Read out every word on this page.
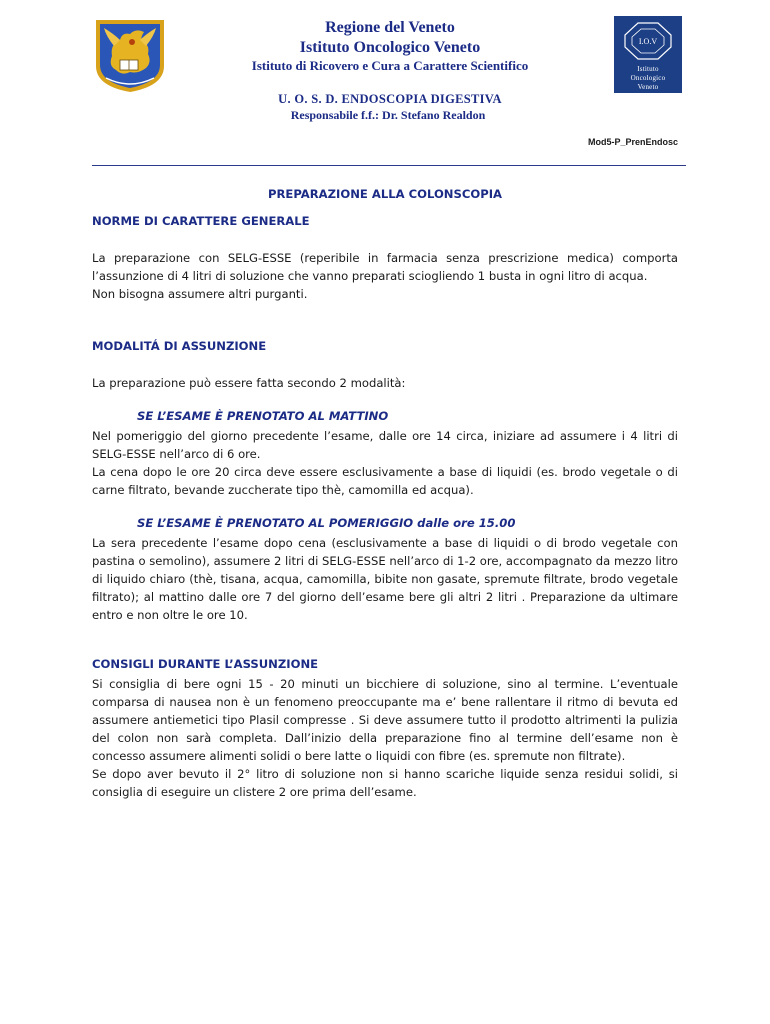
Regione del Veneto
Istituto Oncologico Veneto
Istituto di Ricovero e Cura a Carattere Scientifico
U. O. S. D. ENDOSCOPIA DIGESTIVA
Responsabile f.f.: Dr. Stefano Realdon
I.O.V
Istituto
Oncologico
Veneto
Mod5-P_PrenEndosc
PREPARAZIONE ALLA COLONSCOPIA
NORME DI CARATTERE GENERALE

La preparazione con SELG-ESSE (reperibile in farmacia senza prescrizione medica) comporta l’assunzione di 4 litri di soluzione che vanno preparati sciogliendo 1 busta in ogni litro di acqua.

Non bisogna assumere altri purganti.

MODALITÁ DI ASSUNZIONE
La preparazione può essere fatta secondo 2 modalità:
SE L’ESAME È PRENOTATO AL MATTINO

Nel pomeriggio del giorno precedente l’esame, dalle ore 14 circa, iniziare ad assumere i 4 litri di SELG-ESSE nell’arco di 6 ore.

La cena dopo le ore 20 circa deve essere esclusivamente a base di liquidi (es. brodo vegetale o di carne filtrato, bevande zuccherate tipo thè, camomilla ed acqua).

SE L’ESAME È PRENOTATO AL POMERIGGIO dalle ore 15.00

La sera precedente l’esame dopo cena (esclusivamente a base di liquidi o di brodo vegetale con pastina o semolino), assumere 2 litri di SELG-ESSE nell’arco di 1-2 ore, accompagnato da mezzo litro di liquido chiaro (thè, tisana, acqua, camomilla, bibite non gasate, spremute filtrate, brodo vegetale filtrato); al mattino dalle ore 7 del giorno dell’esame bere gli altri 2 litri . Preparazione da ultimare entro e non oltre le ore 10.

CONSIGLI DURANTE L’ASSUNZIONE

Si consiglia di bere ogni 15 - 20 minuti un bicchiere di soluzione, sino al termine. L’eventuale comparsa di nausea non è un fenomeno preoccupante ma e’ bene rallentare il ritmo di bevuta ed assumere antiemetici tipo Plasil compresse . Si deve assumere tutto il prodotto altrimenti la pulizia del colon non sarà completa. Dall’inizio della preparazione fino al termine dell’esame non è concesso assumere alimenti solidi o bere latte o liquidi con fibre (es. spremute non filtrate).

Se dopo aver bevuto il 2° litro di soluzione non si hanno scariche liquide senza residui solidi, si consiglia di eseguire un clistere 2 ore prima dell’esame.
